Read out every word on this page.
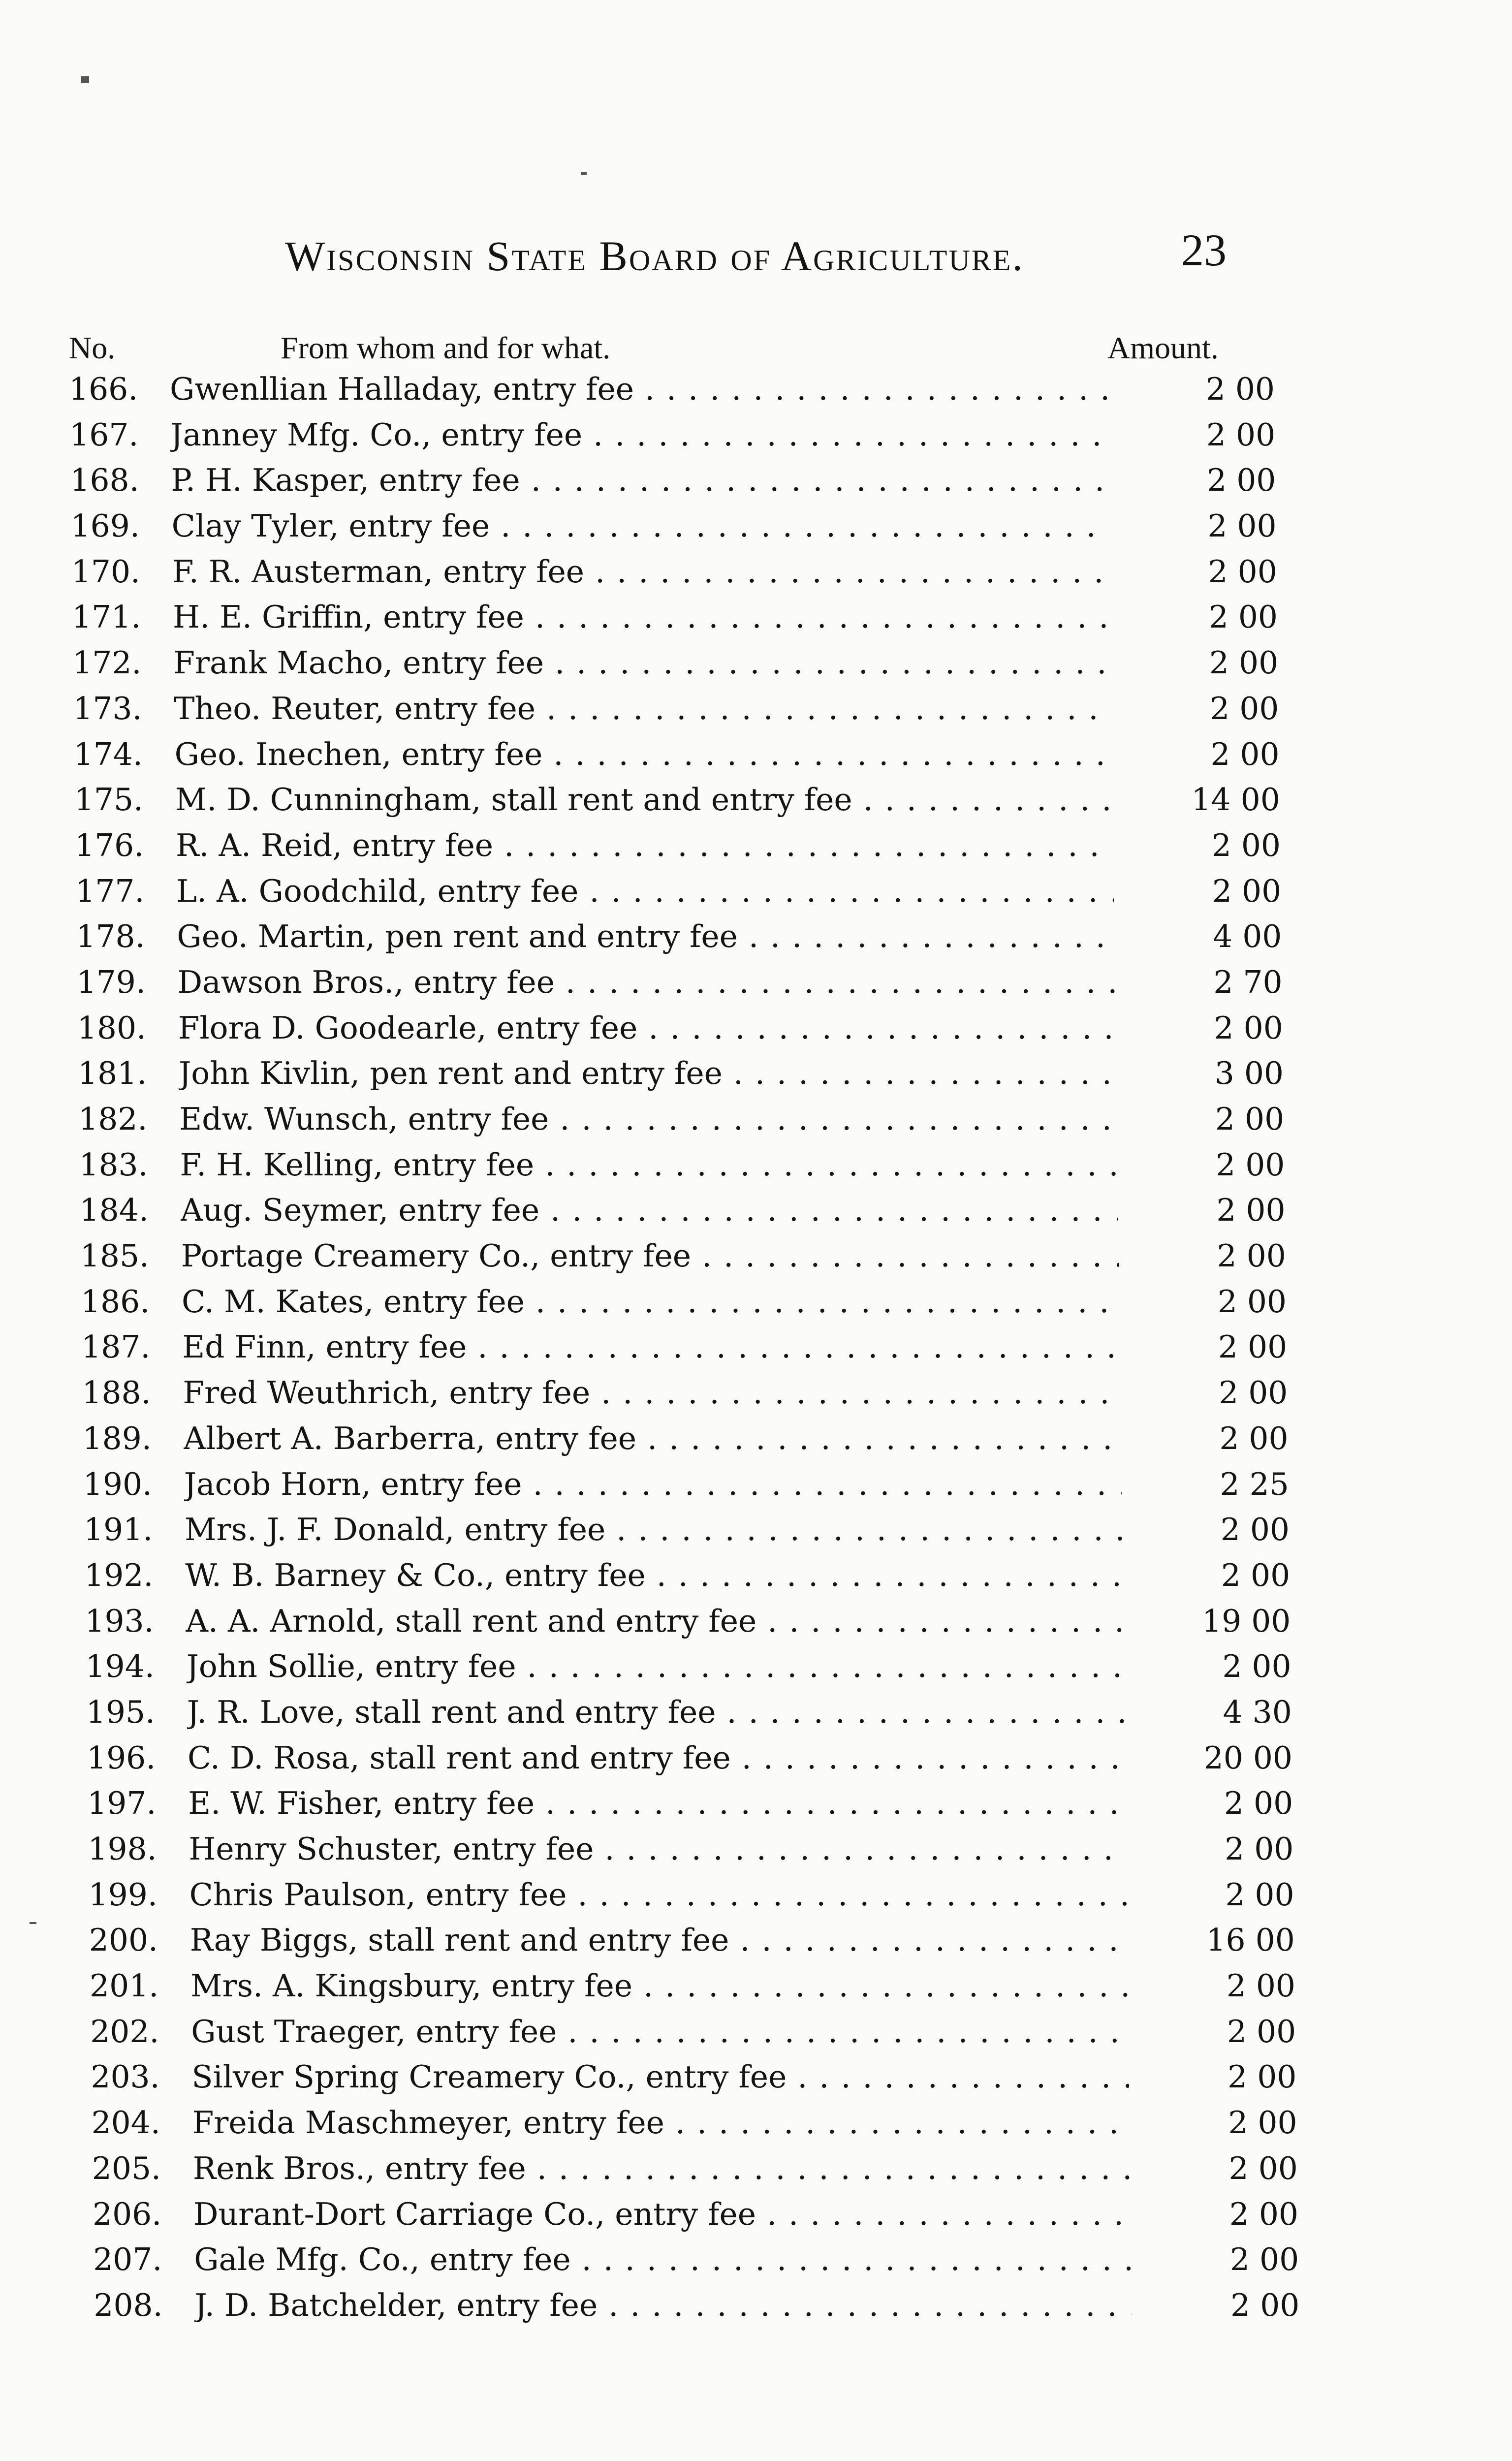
Wisconsin State Board of Agriculture.	23
No.	From whom and for what.	Amount.
166.	Gwenllian Halladay, entry fee . . .	2 00
167.	Janney Mfg. Co., entry fee . . .	2 00
168.	P. H. Kasper, entry fee . . .	2 00
169.	Clay Tyler, entry fee . . .	2 00
170.	F. R. Austerman, entry fee . . .	2 00
171.	H. E. Griffin, entry fee . . .	2 00
172.	Frank Macho, entry fee . . .	2 00
173.	Theo. Reuter, entry fee . . .	2 00
174.	Geo. Inechen, entry fee . . .	2 00
175.	M. D. Cunningham, stall rent and entry fee . . .	14 00
176.	R. A. Reid, entry fee . . .	2 00
177.	L. A. Goodchild, entry fee . . .	2 00
178.	Geo. Martin, pen rent and entry fee . . .	4 00
179.	Dawson Bros., entry fee . . .	2 70
180.	Flora D. Goodearle, entry fee . . .	2 00
181.	John Kivlin, pen rent and entry fee . . .	3 00
182.	Edw. Wunsch, entry fee . . .	2 00
183.	F. H. Kelling, entry fee . . .	2 00
184.	Aug. Seymer, entry fee . . .	2 00
185.	Portage Creamery Co., entry fee . . .	2 00
186.	C. M. Kates, entry fee . . .	2 00
187.	Ed Finn, entry fee . . .	2 00
188.	Fred Weuthrich, entry fee . . .	2 00
189.	Albert A. Barberra, entry fee . . .	2 00
190.	Jacob Horn, entry fee . . .	2 25
191.	Mrs. J. F. Donald, entry fee . . .	2 00
192.	W. B. Barney & Co., entry fee . . .	2 00
193.	A. A. Arnold, stall rent and entry fee . . .	19 00
194.	John Sollie, entry fee . . .	2 00
195.	J. R. Love, stall rent and entry fee . . .	4 30
196.	C. D. Rosa, stall rent and entry fee . . .	20 00
197.	E. W. Fisher, entry fee . . .	2 00
198.	Henry Schuster, entry fee . . .	2 00
199.	Chris Paulson, entry fee . . .	2 00
200.	Ray Biggs, stall rent and entry fee . . .	16 00
201.	Mrs. A. Kingsbury, entry fee . . .	2 00
202.	Gust Traeger, entry fee . . .	2 00
203.	Silver Spring Creamery Co., entry fee . . .	2 00
204.	Freida Maschmeyer, entry fee . . .	2 00
205.	Renk Bros., entry fee . . .	2 00
206.	Durant-Dort Carriage Co., entry fee . . .	2 00
207.	Gale Mfg. Co., entry fee . . .	2 00
208.	J. D. Batchelder, entry fee . . .	2 00
